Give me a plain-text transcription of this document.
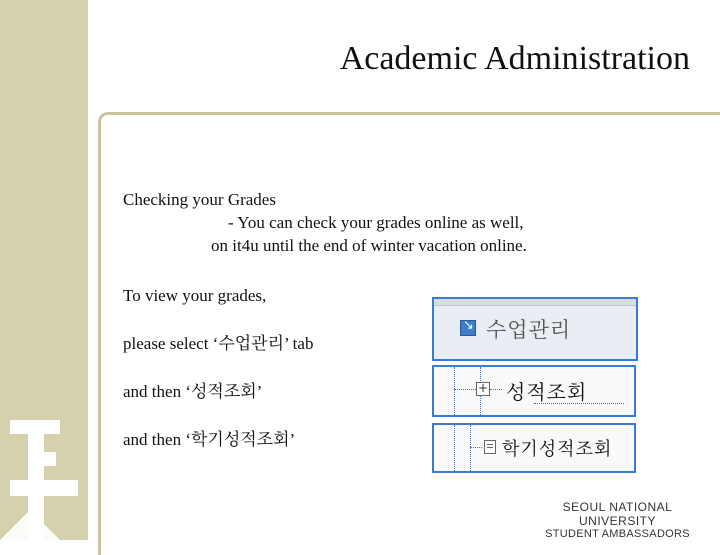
Academic Administration
Checking your Grades
- You can check your grades online as well,
on it4u until the end of winter vacation online.
To view your grades,
please select ‘수업관리’ tab
and then ‘성적조회’
and then ‘학기성적조회’
↘ 수업관리
+ 성적조회
학기성적조회
SEOUL NATIONAL UNIVERSITY
STUDENT AMBASSADORS
